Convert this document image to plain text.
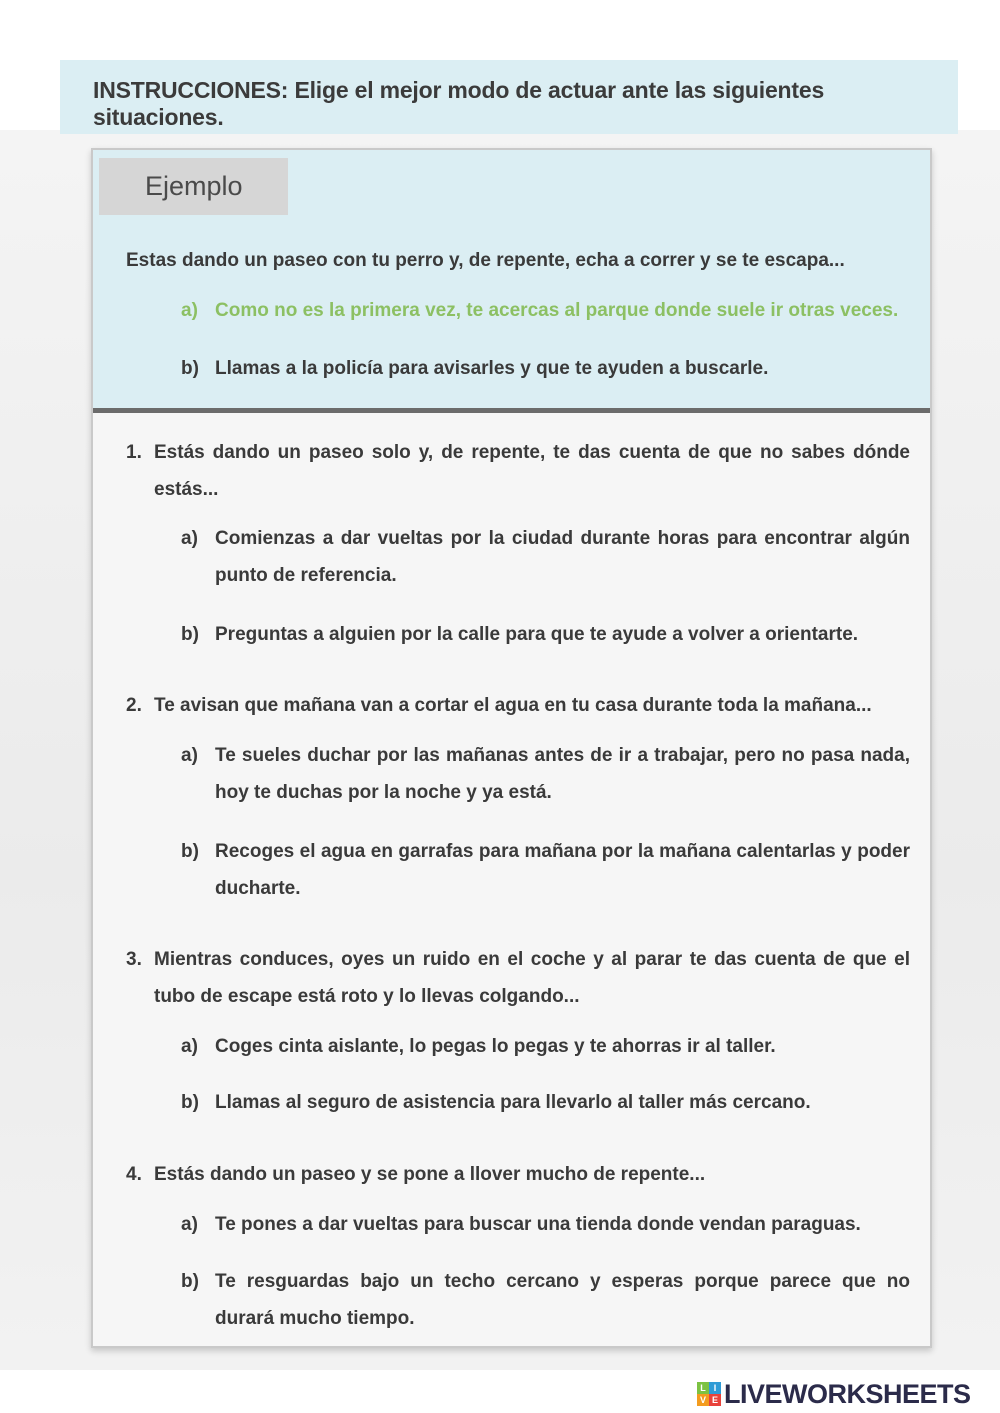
INSTRUCCIONES: Elige el mejor modo de actuar ante las siguientes situaciones.
Ejemplo
Estas dando un paseo con tu perro y, de repente, echa a correr y se te escapa...
a) Como no es la primera vez, te acercas al parque donde suele ir otras veces.
b) Llamas a la policía para avisarles y que te ayuden a buscarle.
1. Estás dando un paseo solo y, de repente, te das cuenta de que no sabes dónde estás...
a) Comienzas a dar vueltas por la ciudad durante horas para encontrar algún punto de referencia.
b) Preguntas a alguien por la calle para que te ayude a volver a orientarte.
2. Te avisan que mañana van a cortar el agua en tu casa durante toda la mañana...
a) Te sueles duchar por las mañanas antes de ir a trabajar, pero no pasa nada, hoy te duchas por la noche y ya está.
b) Recoges el agua en garrafas para mañana por la mañana calentarlas y poder ducharte.
3. Mientras conduces, oyes un ruido en el coche y al parar te das cuenta de que el tubo de escape está roto y lo llevas colgando...
a) Coges cinta aislante, lo pegas lo pegas y te ahorras ir al taller.
b) Llamas al seguro de asistencia para llevarlo al taller más cercano.
4. Estás dando un paseo y se pone a llover mucho de repente...
a) Te pones a dar vueltas para buscar una tienda donde vendan paraguas.
b) Te resguardas bajo un techo cercano y esperas porque parece que no durará mucho tiempo.
L I
V E LIVEWORKSHEETS
